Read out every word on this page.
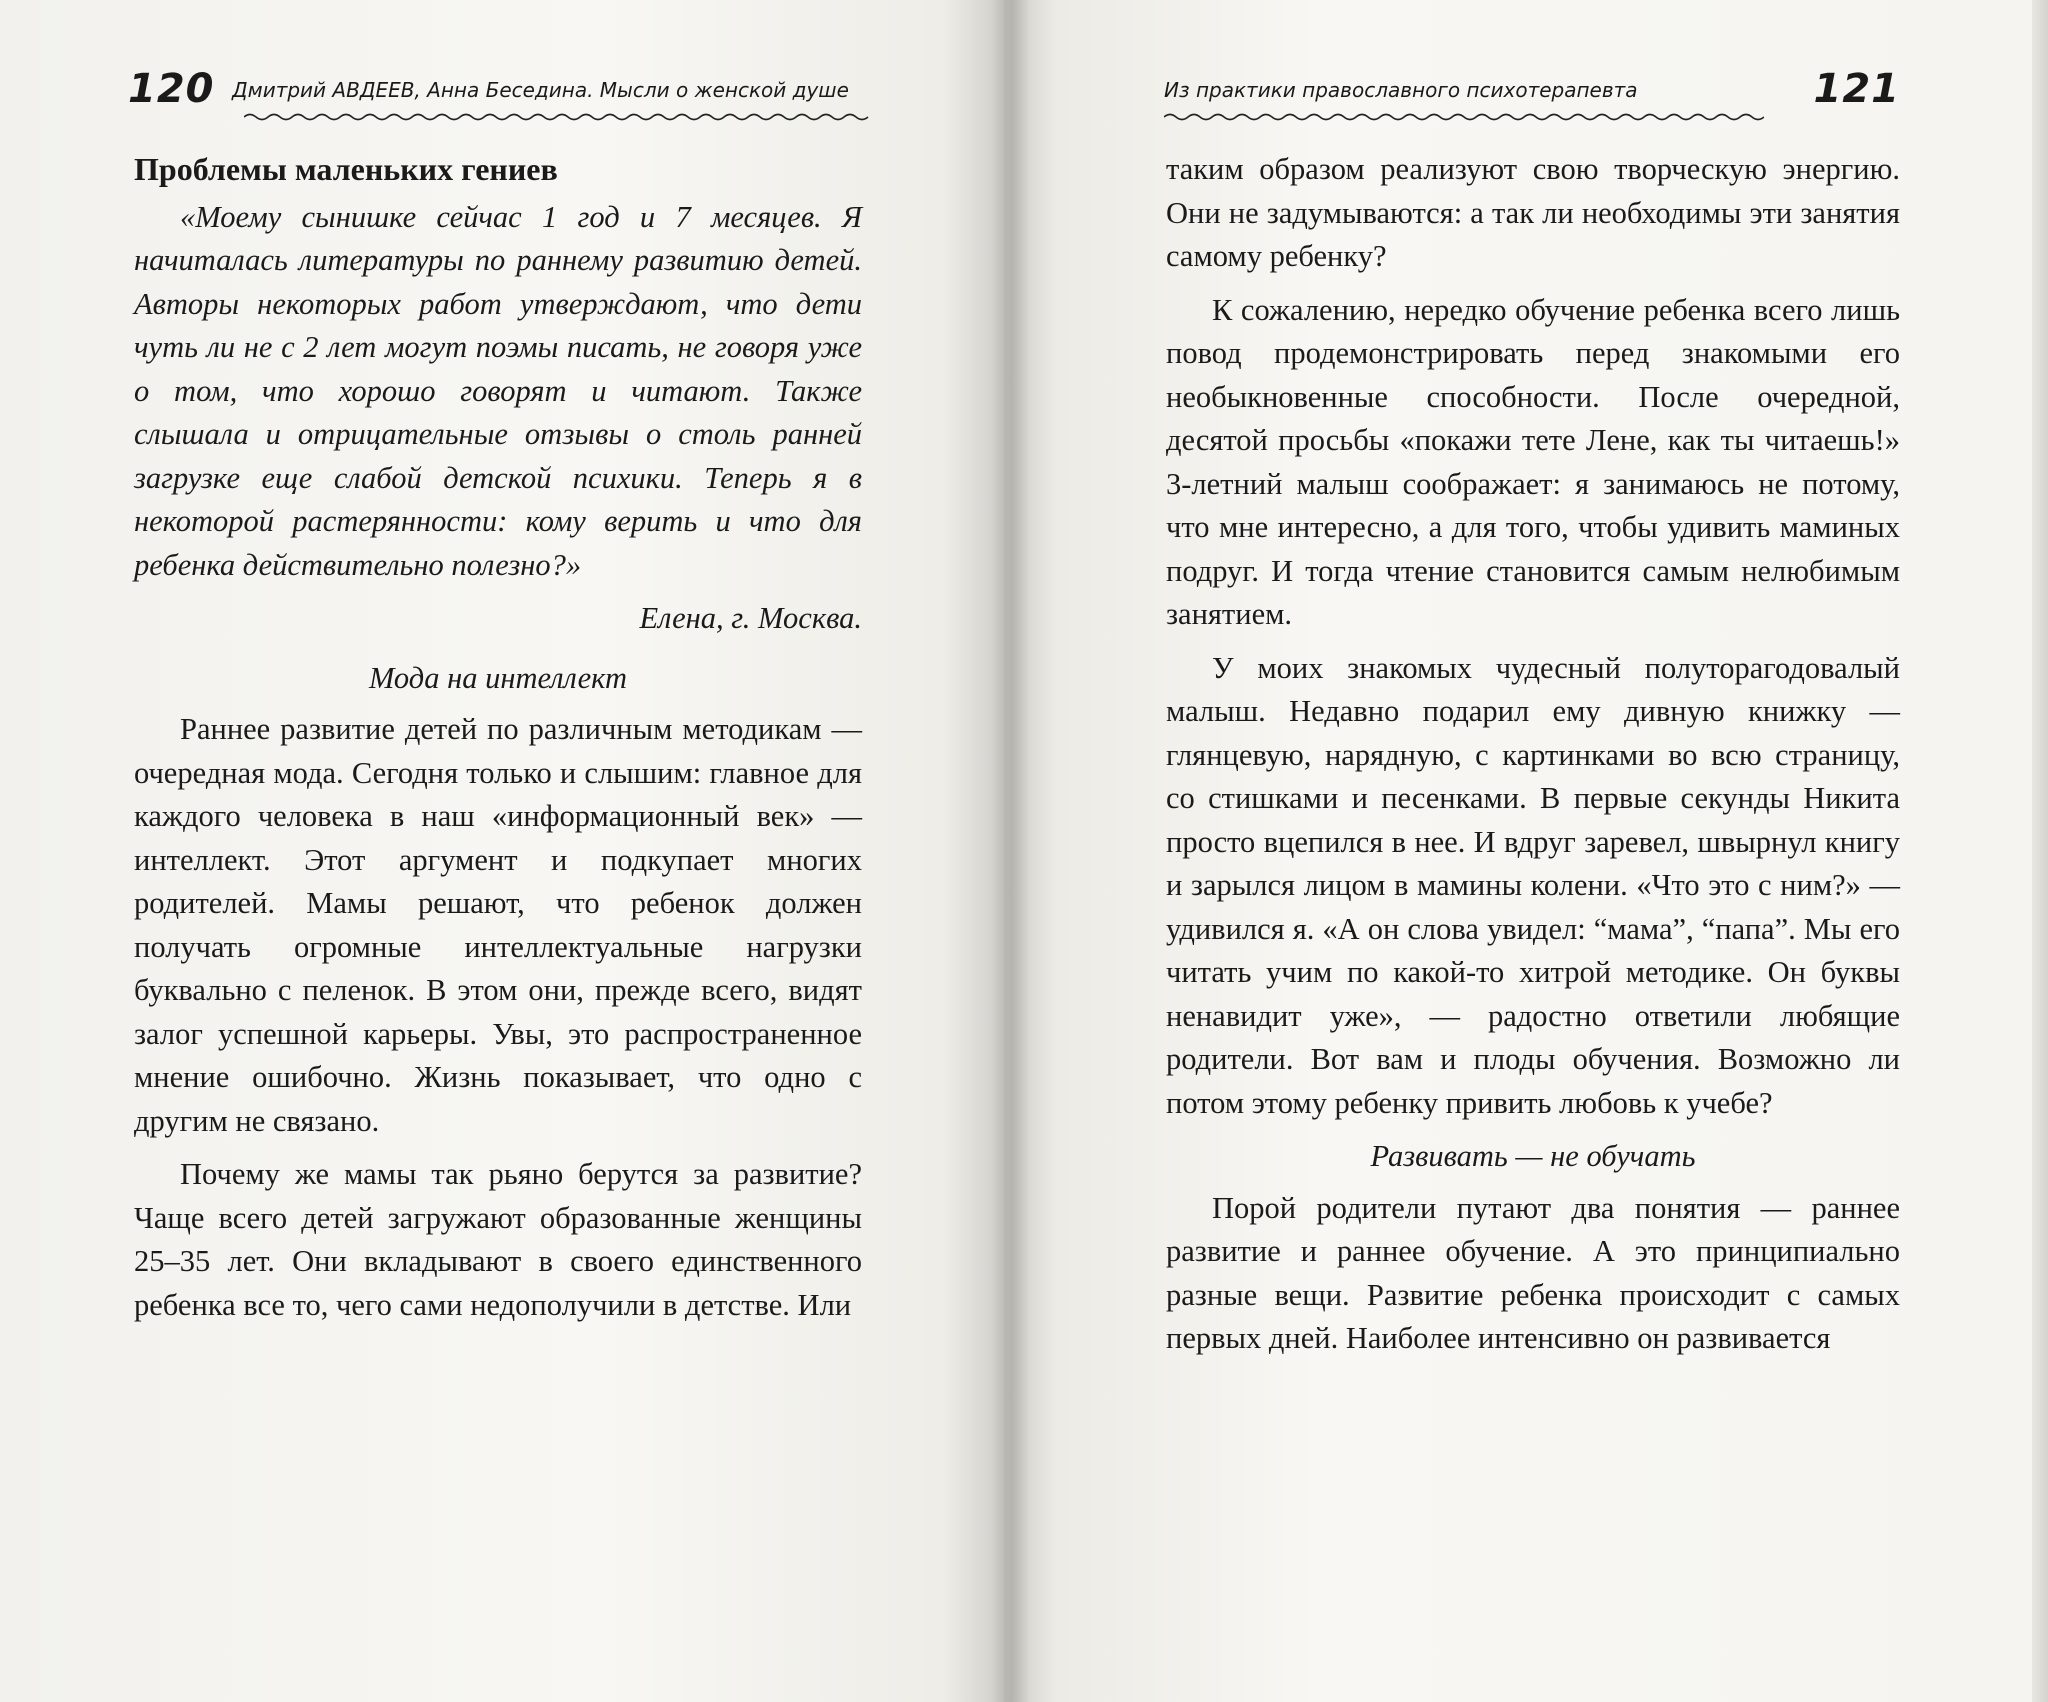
120 Дмитрий АВДЕЕВ, Анна Беседина. Мысли о женской душе
Проблемы маленьких гениев

«Моему сынишке сейчас 1 год и 7 месяцев. Я начиталась литературы по раннему развитию детей. Авторы некоторых работ утверждают, что дети чуть ли не с 2 лет могут поэмы писать, не говоря уже о том, что хорошо говорят и читают. Также слышала и отрицательные отзывы о столь ранней загрузке еще слабой детской психики. Теперь я в некоторой растерянности: кому верить и что для ребенка действительно полезно?»

Елена, г. Москва.
Мода на интеллект

Раннее развитие детей по различным методикам — очередная мода. Сегодня только и слышим: главное для каждого человека в наш «информационный век» — интеллект. Этот аргумент и подкупает многих родителей. Мамы решают, что ребенок должен получать огромные интеллектуальные нагрузки буквально с пеленок. В этом они, прежде всего, видят залог успешной карьеры. Увы, это распространенное мнение ошибочно. Жизнь показывает, что одно с другим не связано.

Почему же мамы так рьяно берутся за развитие? Чаще всего детей загружают образованные женщины 25–35 лет. Они вкладывают в своего единственного ребенка все то, чего сами недополучили в детстве. Или

Из практики православного психотерапевта	121

таким образом реализуют свою творческую энергию. Они не задумываются: а так ли необходимы эти занятия самому ребенку?

К сожалению, нередко обучение ребенка всего лишь повод продемонстрировать перед знакомыми его необыкновенные способности. После очередной, десятой просьбы «покажи тете Лене, как ты читаешь!» 3-летний малыш соображает: я занимаюсь не потому, что мне интересно, а для того, чтобы удивить маминых подруг. И тогда чтение становится самым нелюбимым занятием.

У моих знакомых чудесный полуторагодовалый малыш. Недавно подарил ему дивную книжку — глянцевую, нарядную, с картинками во всю страницу, со стишками и песенками. В первые секунды Никита просто вцепился в нее. И вдруг заревел, швырнул книгу и зарылся лицом в мамины колени. «Что это с ним?» — удивился я. «А он слова увидел: “мама”, “папа”. Мы его читать учим по какой-то хитрой методике. Он буквы ненавидит уже», — радостно ответили любящие родители. Вот вам и плоды обучения. Возможно ли потом этому ребенку привить любовь к учебе?

Развивать — не обучать

Порой родители путают два понятия — раннее развитие и раннее обучение. А это принципиально разные вещи. Развитие ребенка происходит с самых первых дней. Наиболее интенсивно он развивается
